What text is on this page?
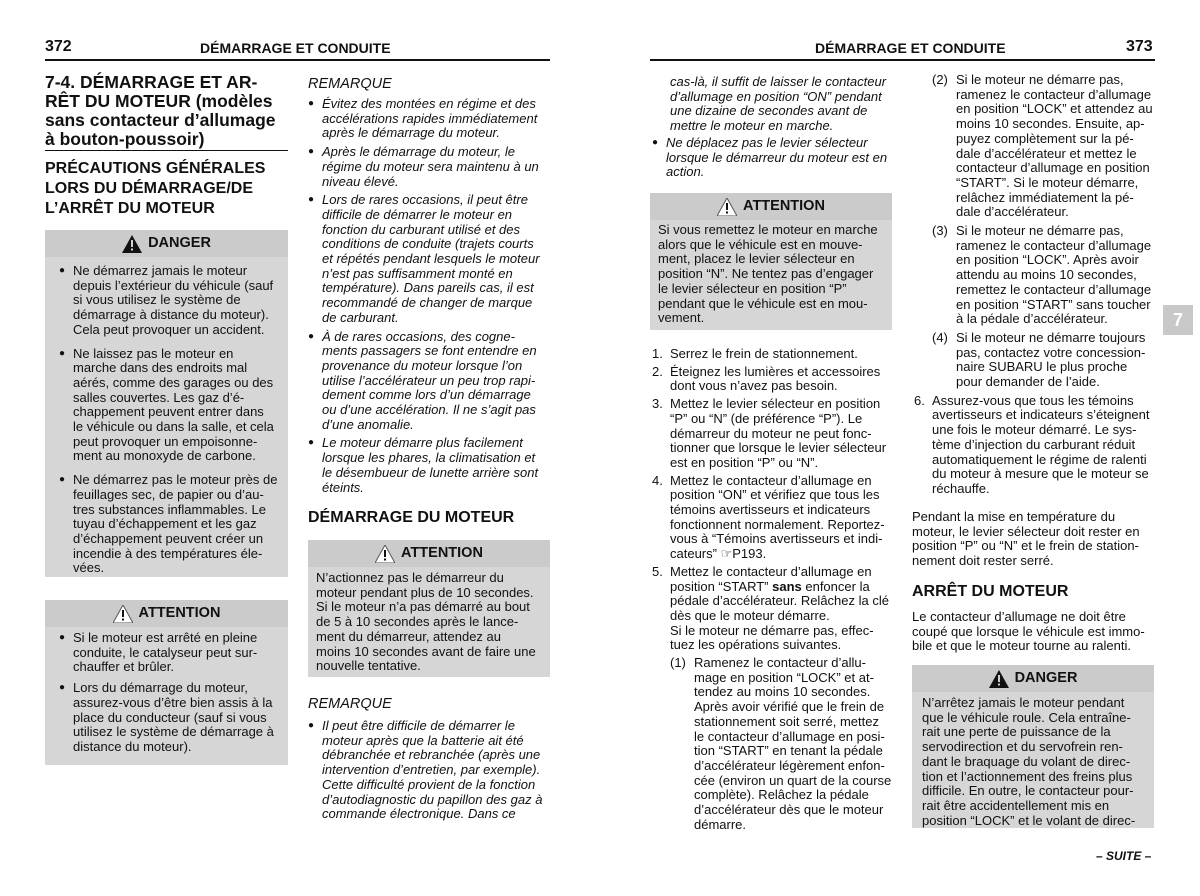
372	DÉMARRAGE ET CONDUITE
7-4. DÉMARRAGE ET AR-
RÊT DU MOTEUR (modèles
sans contacteur d’allumage
à bouton-poussoir)
PRÉCAUTIONS GÉNÉRALES
LORS DU DÉMARRAGE/DE
L’ARRÊT DU MOTEUR
DANGER
● Ne démarrez jamais le moteur
depuis l’extérieur du véhicule (sauf
si vous utilisez le système de
démarrage à distance du moteur).
Cela peut provoquer un accident.
● Ne laissez pas le moteur en
marche dans des endroits mal
aérés, comme des garages ou des
salles couvertes. Les gaz d’é-
chappement peuvent entrer dans
le véhicule ou dans la salle, et cela
peut provoquer un empoisonne-
ment au monoxyde de carbone.
● Ne démarrez pas le moteur près de
feuillages sec, de papier ou d’au-
tres substances inflammables. Le
tuyau d’échappement et les gaz
d’échappement peuvent créer un
incendie à des températures éle-
vées.
ATTENTION
● Si le moteur est arrêté en pleine
conduite, le catalyseur peut sur-
chauffer et brûler.
● Lors du démarrage du moteur,
assurez-vous d’être bien assis à la
place du conducteur (sauf si vous
utilisez le système de démarrage à
distance du moteur).
REMARQUE
● Évitez des montées en régime et des
accélérations rapides immédiatement
après le démarrage du moteur.
● Après le démarrage du moteur, le
régime du moteur sera maintenu à un
niveau élevé.
● Lors de rares occasions, il peut être
difficile de démarrer le moteur en
fonction du carburant utilisé et des
conditions de conduite (trajets courts
et répétés pendant lesquels le moteur
n’est pas suffisamment monté en
température). Dans pareils cas, il est
recommandé de changer de marque
de carburant.
● À de rares occasions, des cogne-
ments passagers se font entendre en
provenance du moteur lorsque l’on
utilise l’accélérateur un peu trop rapi-
dement comme lors d’un démarrage
ou d’une accélération. Il ne s’agit pas
d’une anomalie.
● Le moteur démarre plus facilement
lorsque les phares, la climatisation et
le désembueur de lunette arrière sont
éteints.
DÉMARRAGE DU MOTEUR
ATTENTION
N’actionnez pas le démarreur du
moteur pendant plus de 10 secondes.
Si le moteur n’a pas démarré au bout
de 5 à 10 secondes après le lance-
ment du démarreur, attendez au
moins 10 secondes avant de faire une
nouvelle tentative.
REMARQUE
● Il peut être difficile de démarrer le
moteur après que la batterie ait été
débranchée et rebranchée (après une
intervention d’entretien, par exemple).
Cette difficulté provient de la fonction
d’autodiagnostic du papillon des gaz à
commande électronique. Dans ce
DÉMARRAGE ET CONDUITE	373
cas-là, il suffit de laisser le contacteur
d’allumage en position “ON” pendant
une dizaine de secondes avant de
mettre le moteur en marche.
● Ne déplacez pas le levier sélecteur
lorsque le démarreur du moteur est en
action.
ATTENTION
Si vous remettez le moteur en marche
alors que le véhicule est en mouve-
ment, placez le levier sélecteur en
position “N”. Ne tentez pas d’engager
le levier sélecteur en position “P”
pendant que le véhicule est en mou-
vement.
1. Serrez le frein de stationnement.
2. Éteignez les lumières et accessoires
dont vous n’avez pas besoin.
3. Mettez le levier sélecteur en position
“P” ou “N” (de préférence “P”). Le
démarreur du moteur ne peut fonc-
tionner que lorsque le levier sélecteur
est en position “P” ou “N”.
4. Mettez le contacteur d’allumage en
position “ON” et vérifiez que tous les
témoins avertisseurs et indicateurs
fonctionnent normalement. Reportez-
vous à “Témoins avertisseurs et indi-
cateurs” ☞P193.
5. Mettez le contacteur d’allumage en
position “START” sans enfoncer la
pédale d’accélérateur. Relâchez la clé
dès que le moteur démarre.
Si le moteur ne démarre pas, effec-
tuez les opérations suivantes.
(1) Ramenez le contacteur d’allu-
mage en position “LOCK” et at-
tendez au moins 10 secondes.
Après avoir vérifié que le frein de
stationnement soit serré, mettez
le contacteur d’allumage en posi-
tion “START” en tenant la pédale
d’accélérateur légèrement enfon-
cée (environ un quart de la course
complète). Relâchez la pédale
d’accélérateur dès que le moteur
démarre.
(2) Si le moteur ne démarre pas,
ramenez le contacteur d’allumage
en position “LOCK” et attendez au
moins 10 secondes. Ensuite, ap-
puyez complètement sur la pé-
dale d’accélérateur et mettez le
contacteur d’allumage en position
“START”. Si le moteur démarre,
relâchez immédiatement la pé-
dale d’accélérateur.
(3) Si le moteur ne démarre pas,
ramenez le contacteur d’allumage
en position “LOCK”. Après avoir
attendu au moins 10 secondes,
remettez le contacteur d’allumage
en position “START” sans toucher
à la pédale d’accélérateur.
(4) Si le moteur ne démarre toujours
pas, contactez votre concession-
naire SUBARU le plus proche
pour demander de l’aide.
6. Assurez-vous que tous les témoins
avertisseurs et indicateurs s’éteignent
une fois le moteur démarré. Le sys-
tème d’injection du carburant réduit
automatiquement le régime de ralenti
du moteur à mesure que le moteur se
réchauffe.
Pendant la mise en température du
moteur, le levier sélecteur doit rester en
position “P” ou “N” et le frein de station-
nement doit rester serré.
ARRÊT DU MOTEUR
Le contacteur d’allumage ne doit être
coupé que lorsque le véhicule est immo-
bile et que le moteur tourne au ralenti.
DANGER
N’arrêtez jamais le moteur pendant
que le véhicule roule. Cela entraîne-
rait une perte de puissance de la
servodirection et du servofrein ren-
dant le braquage du volant de direc-
tion et l’actionnement des freins plus
difficile. En outre, le contacteur pour-
rait être accidentellement mis en
position “LOCK” et le volant de direc-
7
– SUITE –
